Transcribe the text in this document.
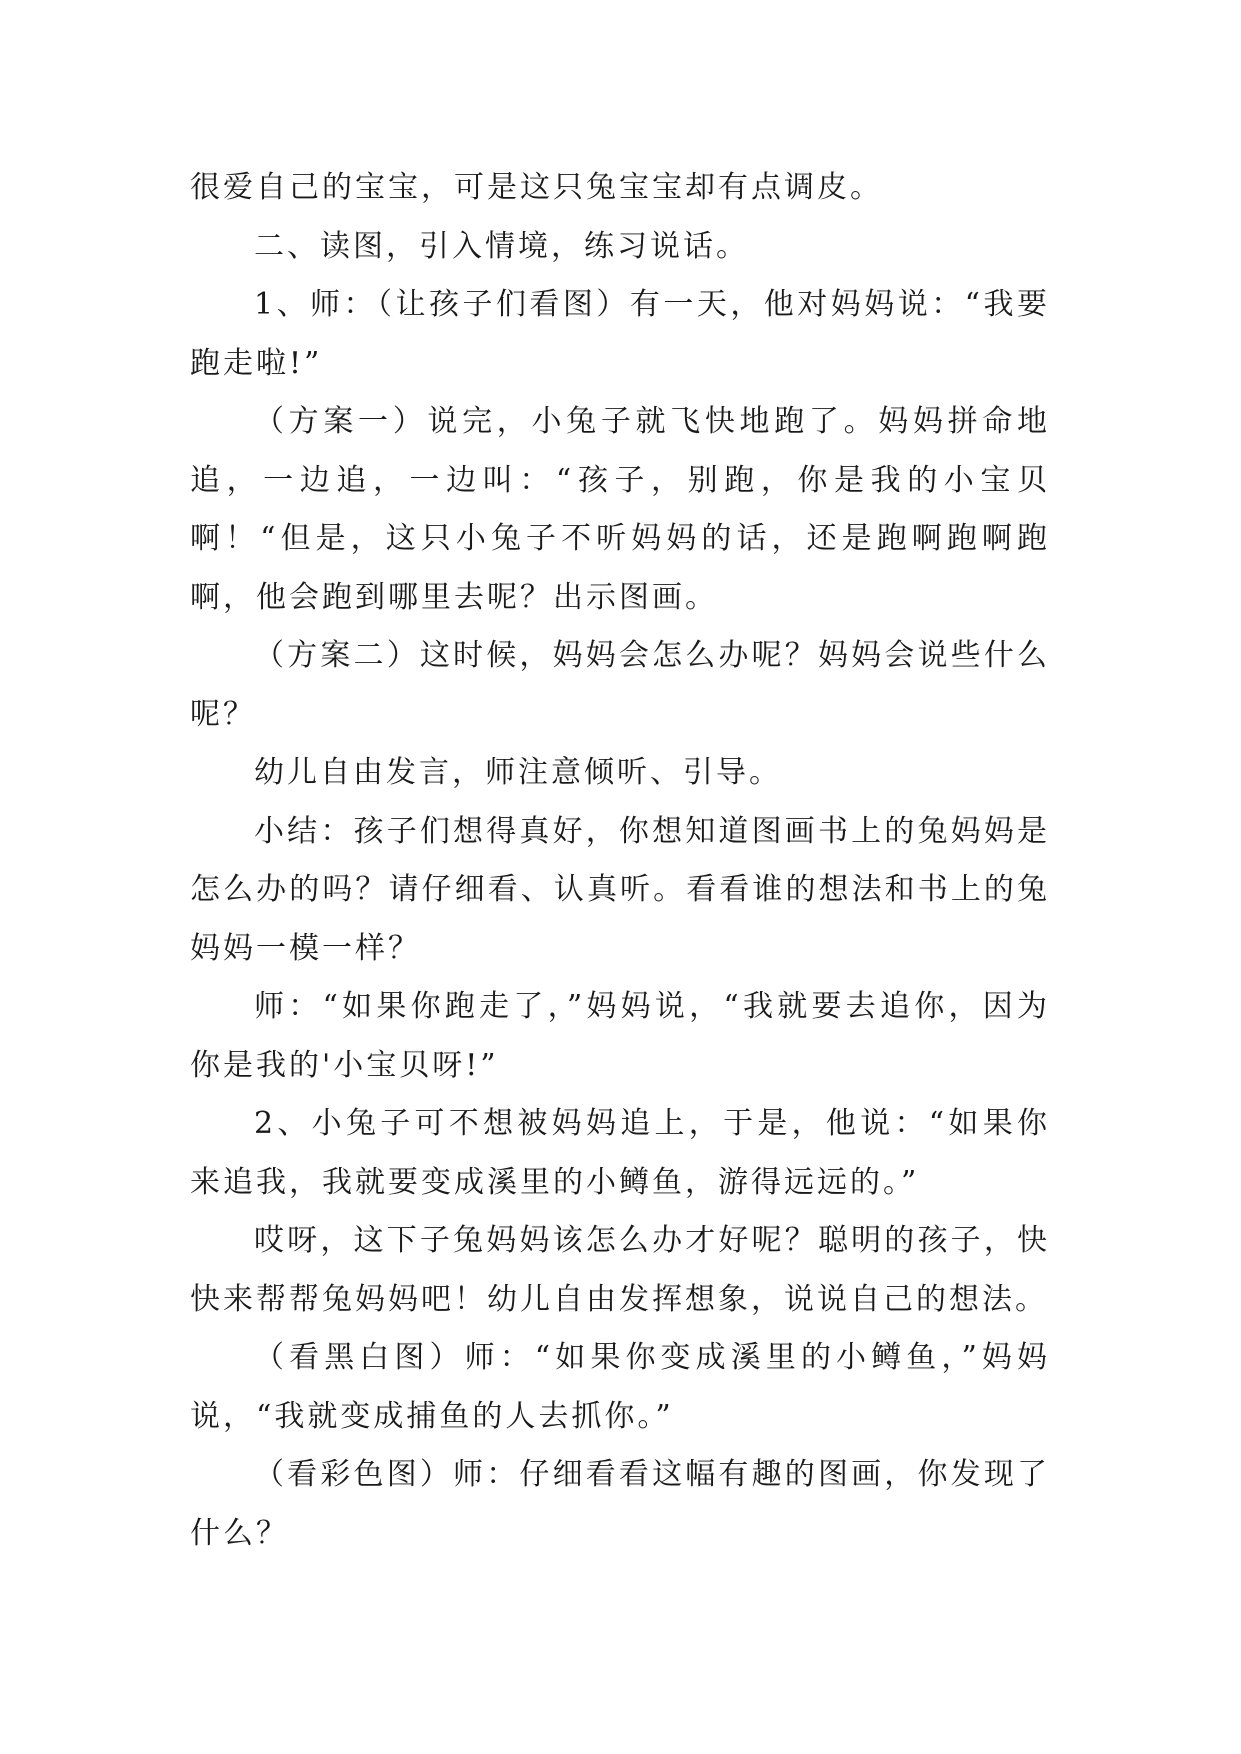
很爱自己的宝宝，可是这只兔宝宝却有点调皮。

二、读图，引入情境，练习说话。

1、师：（让孩子们看图）有一天，他对妈妈说：“我要跑走啦!”

（方案一）说完，小兔子就飞快地跑了。妈妈拼命地追，一边追，一边叫：“孩子，别跑，你是我的小宝贝啊！“但是，这只小兔子不听妈妈的话，还是跑啊跑啊跑啊，他会跑到哪里去呢？出示图画。

（方案二）这时候，妈妈会怎么办呢？妈妈会说些什么呢？

幼儿自由发言，师注意倾听、引导。

小结：孩子们想得真好，你想知道图画书上的兔妈妈是怎么办的吗？请仔细看、认真听。看看谁的想法和书上的兔妈妈一模一样？

师：“如果你跑走了，”妈妈说，“我就要去追你，因为你是我的'小宝贝呀!”

2、小兔子可不想被妈妈追上，于是，他说：“如果你来追我，我就要变成溪里的小鳟鱼，游得远远的。”

哎呀，这下子兔妈妈该怎么办才好呢？聪明的孩子，快快来帮帮兔妈妈吧！幼儿自由发挥想象，说说自己的想法。

（看黑白图）师：“如果你变成溪里的小鳟鱼，”妈妈说，“我就变成捕鱼的人去抓你。”

（看彩色图）师：仔细看看这幅有趣的图画，你发现了什么？
